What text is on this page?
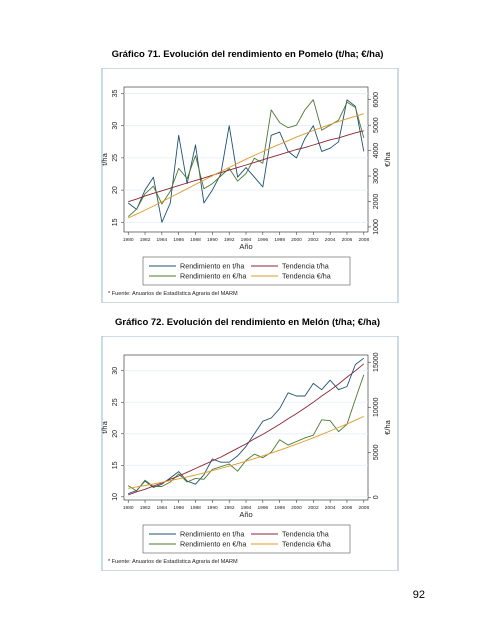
Gráfico 71. Evolución del rendimiento en Pomelo (t/ha; €/ha)
15
20
25
30
35
1000
2000
3000
4000
5000
6000
1980 1982 1984 1986 1988 1990 1992 1994 1996 1998 2000 2002 2004 2006 2008
Año
t/ha	€/ha
Rendimiento en t/ha	Tendencia t/ha
Rendimiento en €/ha	Tendencia €/ha
* Fuente: Anuarios de Estadística Agraria del MARM
Gráfico 72. Evolución del rendimiento en Melón (t/ha; €/ha)
10
15
20
25
30
0
5000
10000
15000
1980 1982 1984 1986 1988 1990 1992 1994 1996 1998 2000 2002 2004 2006 2008
Año
t/ha	€/ha
Rendimiento en t/ha	Tendencia t/ha
Rendimiento en €/ha	Tendencia €/ha
* Fuente: Anuarios de Estadística Agraria del MARM
92
